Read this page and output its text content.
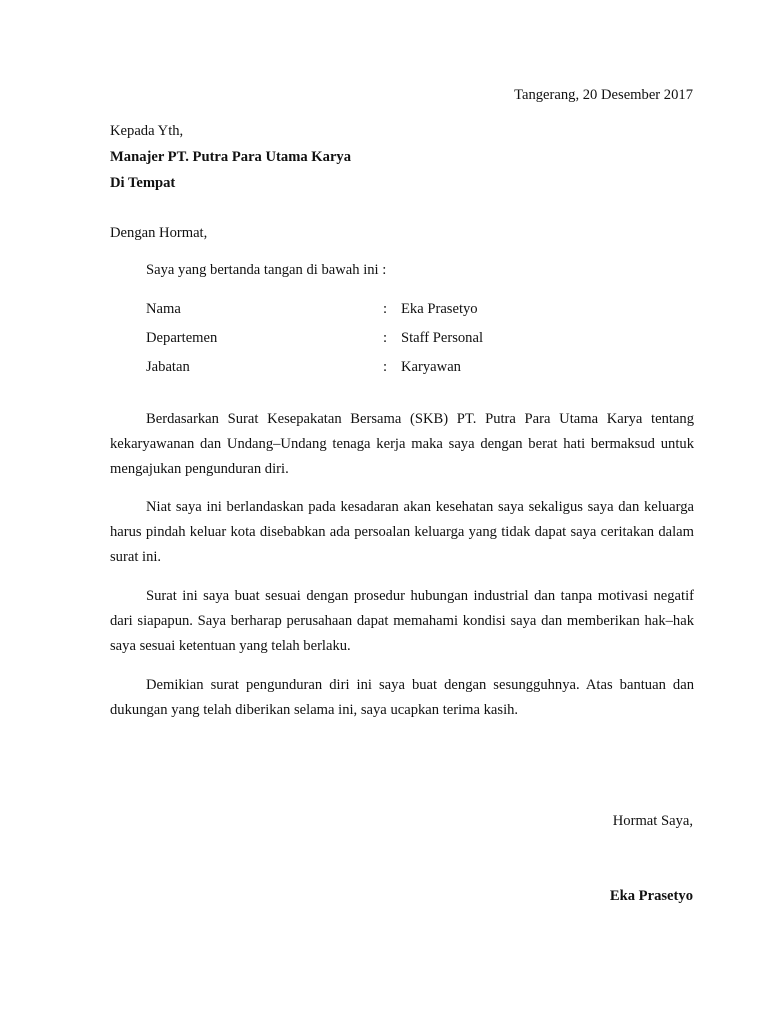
Tangerang, 20 Desember 2017
Kepada Yth,
Manajer PT. Putra Para Utama Karya
Di Tempat
Dengan Hormat,
Saya yang bertanda tangan di bawah ini :
Nama	: Eka Prasetyo
Departemen	: Staff Personal
Jabatan	: Karyawan

Berdasarkan Surat Kesepakatan Bersama (SKB) PT. Putra Para Utama Karya tentang kekaryawanan dan Undang–Undang tenaga kerja maka saya dengan berat hati bermaksud untuk mengajukan pengunduran diri.

Niat saya ini berlandaskan pada kesadaran akan kesehatan saya sekaligus saya dan keluarga harus pindah keluar kota disebabkan ada persoalan keluarga yang tidak dapat saya ceritakan dalam surat ini.

Surat ini saya buat sesuai dengan prosedur hubungan industrial dan tanpa motivasi negatif dari siapapun. Saya berharap perusahaan dapat memahami kondisi saya dan memberikan hak–hak saya sesuai ketentuan yang telah berlaku.

Demikian surat pengunduran diri ini saya buat dengan sesungguhnya. Atas bantuan dan dukungan yang telah diberikan selama ini, saya ucapkan terima kasih.

Hormat Saya,
Eka Prasetyo
